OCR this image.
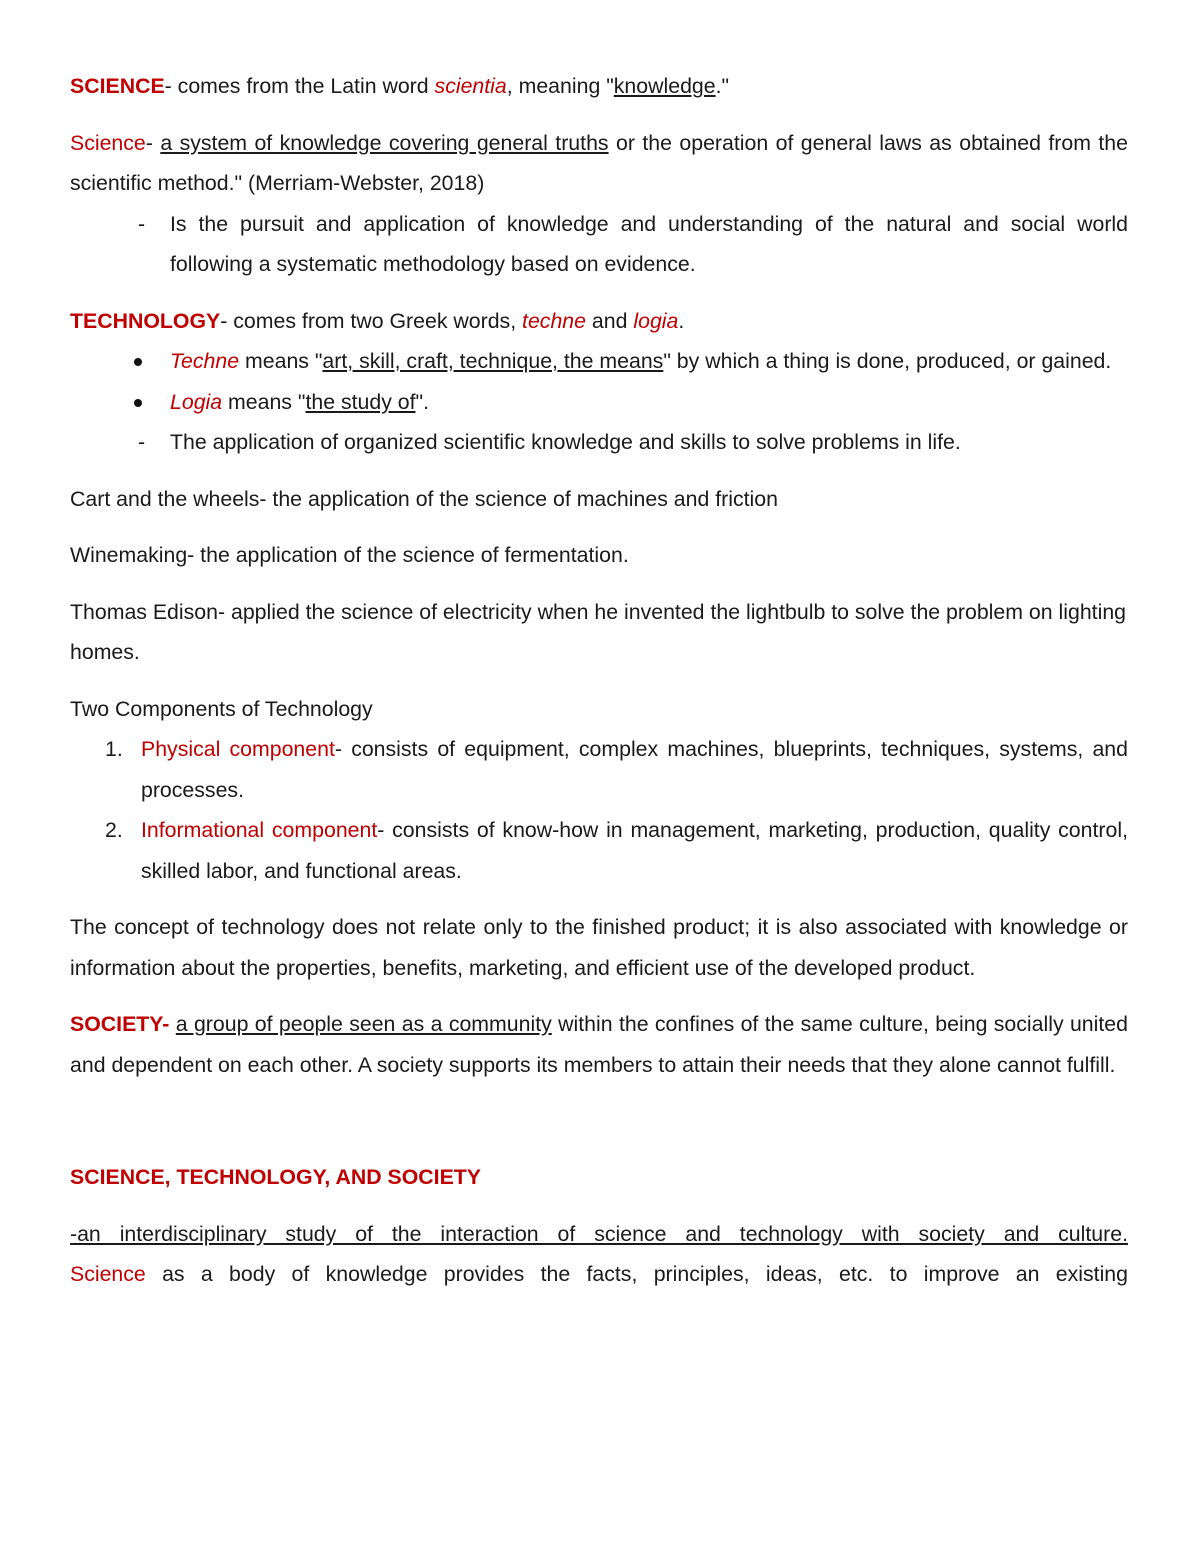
SCIENCE- comes from the Latin word scientia, meaning "knowledge."

Science- a system of knowledge covering general truths or the operation of general laws as obtained from the scientific method." (Merriam-Webster, 2018)

- Is the pursuit and application of knowledge and understanding of the natural and social world following a systematic methodology based on evidence.

TECHNOLOGY- comes from two Greek words, techne and logia.

Techne means "art, skill, craft, technique, the means" by which a thing is done, produced, or gained.
Logia means "the study of".
- The application of organized scientific knowledge and skills to solve problems in life.

Cart and the wheels- the application of the science of machines and friction

Winemaking- the application of the science of fermentation.

Thomas Edison- applied the science of electricity when he invented the lightbulb to solve the problem on lighting homes.

Two Components of Technology

1. Physical component- consists of equipment, complex machines, blueprints, techniques, systems, and processes.
2. Informational component- consists of know-how in management, marketing, production, quality control, skilled labor, and functional areas.

The concept of technology does not relate only to the finished product; it is also associated with knowledge or information about the properties, benefits, marketing, and efficient use of the developed product.

SOCIETY- a group of people seen as a community within the confines of the same culture, being socially united and dependent on each other. A society supports its members to attain their needs that they alone cannot fulfill.

SCIENCE, TECHNOLOGY, AND SOCIETY

-an interdisciplinary study of the interaction of science and technology with society and culture.

Science as a body of knowledge provides the facts, principles, ideas, etc. to improve an existing
